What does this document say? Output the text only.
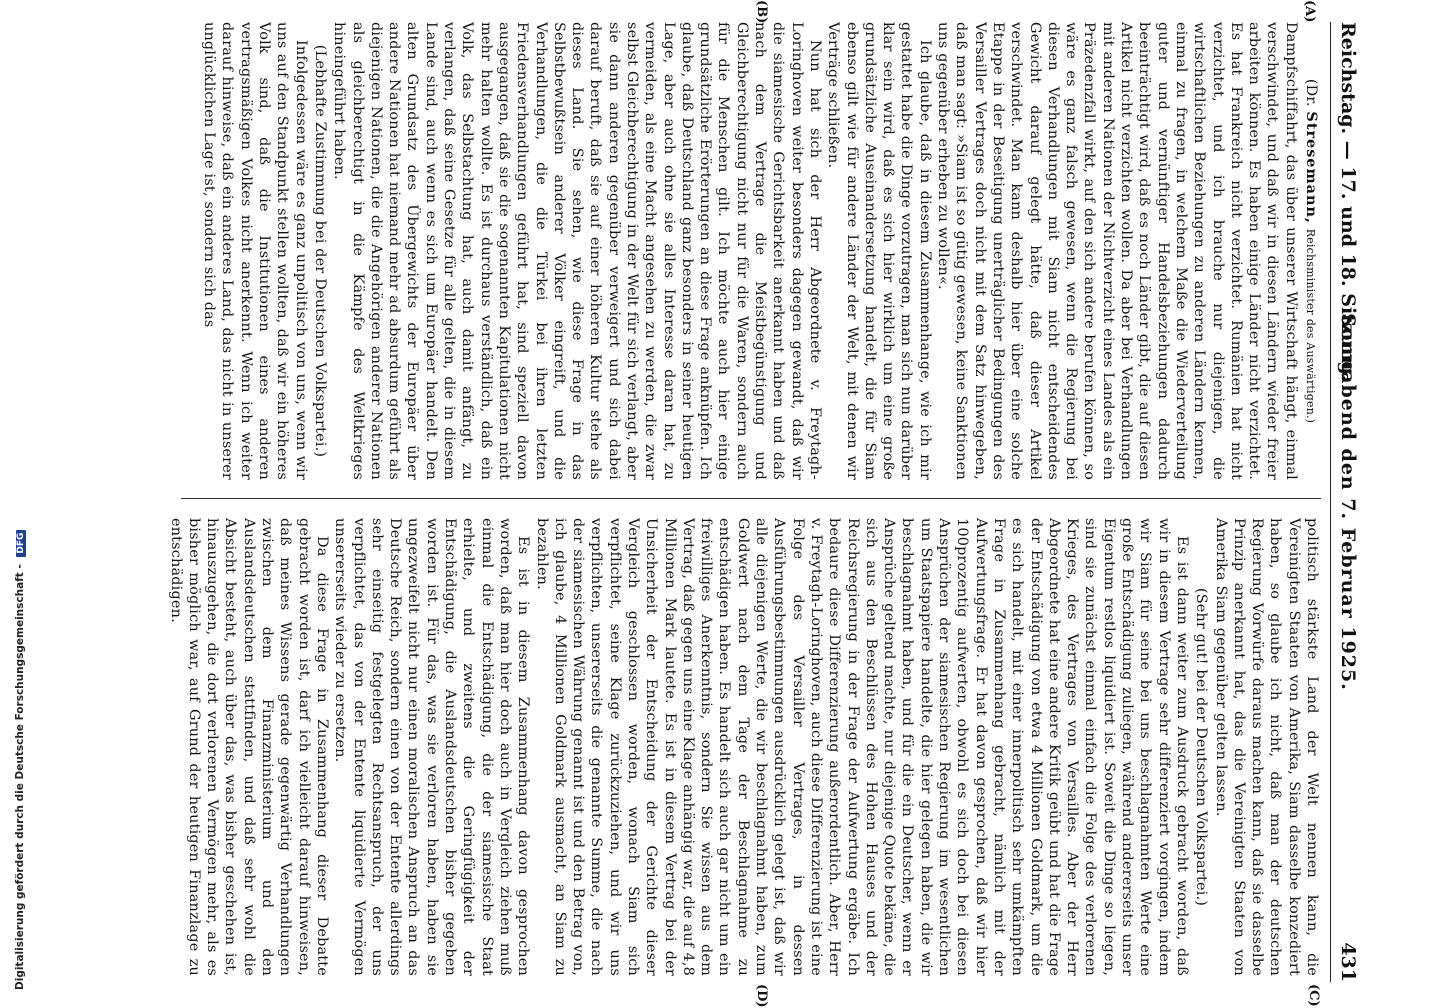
Digitalisierung gefördert durch die Deutsche Forschungsgemeinschaft - DFG
Reichstag. — 17. und 18. Sitzung.
Sonnabend den 7. Februar 1925.
431
(A)
(B)
(C)
(D)

(Dr. Stresemann, Reichsminister des Auswärtigen.)

Dampfschiffahrt, das über unserer Wirtschaft hängt, einmal verschwindet, und daß wir in diesen Ländern wieder freier arbeiten können. Es haben einige Länder nicht verzichtet. Es hat Frankreich nicht verzichtet. Rumänien hat nicht verzichtet, und ich brauche nur diejenigen, die wirtschaftlichen Beziehungen zu anderen Ländern kennen, einmal zu fragen, in welchem Maße die Wiederverteilung guter und vernünftiger Handelsbeziehungen dadurch beeinträchtigt wird, daß es noch Länder gibt, die auf diesen Artikel nicht verzichten wollen. Da aber bei Verhandlungen mit anderen Nationen der Nichtverzicht eines Landes als ein Präzedenzfall wirkt, auf den sich andere berufen können, so wäre es ganz falsch gewesen, wenn die Regierung bei diesen Verhandlungen mit Siam nicht entscheidendes Gewicht darauf gelegt hätte, daß dieser Artikel verschwindet. Man kann deshalb hier über eine solche Etappe in der Beseitigung unerträglicher Bedingungen des Versailler Vertrages doch nicht mit dem Satz hinwegeben, daß man sagt: »Siam ist so gütig gewesen, keine Sanktionen uns gegenüber erheben zu wollen«.

Ich glaube, daß in diesem Zusammenhange, wie ich mir gestattet habe die Dinge vorzutragen, man sich nun darüber klar sein wird, daß es sich hier wirklich um eine große grundsätzliche Auseinandersetzung handelt, die für Siam ebenso gilt wie für andere Länder der Welt, mit denen wir Verträge schließen.

Nun hat sich der Herr Abgeordnete v. Freytagh-Loringhoven weiter besonders dagegen gewandt, daß wir die siamesische Gerichtsbarkeit anerkannt haben und daß nach dem Vertrage die Meistbegünstigung und Gleichberechtigung nicht nur für die Waren, sondern auch für die Menschen gilt. Ich möchte auch hier einige grundsätzliche Erörterungen an diese Frage anknüpfen. Ich glaube, daß Deutschland ganz besonders in seiner heutigen Lage, aber auch ohne sie alles Interesse daran hat, zu vermeiden, als eine Macht angesehen zu werden, die zwar selbst Gleichberechtigung in der Welt für sich verlangt, aber sie dann anderen gegenüber verweigert und sich dabei darauf beruft, daß sie auf einer höheren Kultur stehe als dieses Land. Sie sehen, wie diese Frage in das Selbstbewußtsein anderer Völker eingreift, und die Verhandlungen, die die Türkei bei ihren letzten Friedensverhandlungen geführt hat, sind speziell davon ausgegangen, daß sie die sogenannten Kapitulationen nicht mehr halten wollte. Es ist durchaus verständlich, daß ein Volk, das Selbstachtung hat, auch damit anfängt, zu verlangen, daß seine Gesetze für alle gelten, die in diesem Lande sind, auch wenn es sich um Europäer handelt. Den alten Grundsatz des Übergewichts der Europäer über andere Nationen hat niemand mehr ad absurdum geführt als diejenigen Nationen, die die Angehörigen anderer Nationen als gleichberechtigt in die Kämpfe des Weltkrieges hineingeführt haben.

(Lebhafte Zustimmung bei der Deutschen Volkspartei.)

Infolgedessen wäre es ganz unpolitisch von uns, wenn wir uns auf den Standpunkt stellen wollten, daß wir ein höheres Volk sind, daß die Institutionen eines anderen vertragsmäßigen Volkes nicht anerkennt. Wenn ich weiter darauf hinweise, daß ein anderes Land, das nicht in unserer unglücklichen Lage ist, sondern sich das

politisch stärkste Land der Welt nennen kann, die Vereinigten Staaten von Amerika, Siam dasselbe konzediert haben, so glaube ich nicht, daß man der deutschen Regierung Vorwürfe daraus machen kann, daß sie dasselbe Prinzip anerkannt hat, das die Vereinigten Staaten von Amerika Siam gegenüber gelten lassen.

(Sehr gut! bei der Deutschen Volkspartei.)

Es ist dann weiter zum Ausdruck gebracht worden, daß wir in diesem Vertrage sehr differenziert vorgingen, indem wir Siam für seine bei uns beschlagnahmten Werte eine große Entschädigung zuliegen, während andererseits unser Eigentum restlos liquidiert ist. Soweit die Dinge so liegen, sind sie zunächst einmal einfach die Folge des verlorenen Krieges, des Vertrages von Versailles. Aber der Herr Abgeordnete hat eine andere Kritik geübt und hat die Frage der Entschädigung von etwa 4 Millionen Goldmark, um die es sich handelt, mit einer innerpolitisch sehr umkämpften Frage in Zusammenhang gebracht, nämlich mit der Aufwertungsfrage. Er hat davon gesprochen, daß wir hier 100prozentig aufwerten, obwohl es sich doch bei diesen Ansprüchen der siamesischen Regierung im wesentlichen um Staatspapiere handelte, die hier gelegen haben, die wir beschlagnahmt haben, und für die ein Deutscher, wenn er Ansprüche geltend machte, nur diejenige Quote bekäme, die sich aus den Beschlüssen des Hohen Hauses und der Reichsregierung in der Frage der Aufwertung ergäbe. Ich bedaure diese Differenzierung außerordentlich. Aber, Herr v. Freytagh-Loringhoven, auch diese Differenzierung ist eine Folge des Versailler Vertrages, in dessen Ausführungsbestimmungen ausdrücklich gelegt ist, daß wir alle diejenigen Werte, die wir beschlagnahmt haben, zum Goldwert nach dem Tage der Beschlagnahme zu entschädigen haben. Es handelt sich auch gar nicht um ein freiwilliges Anerkenntnis, sondern Sie wissen aus dem Vertrag, daß gegen uns eine Klage anhängig war, die auf 4,8 Millionen Mark lautete. Es ist in diesem Vertrag bei der Unsicherheit der Entscheidung der Gerichte dieser Vergleich geschlossen worden, wonach Siam sich verpflichtet, seine Klage zurückzuziehen, und wir uns verpflichten, unsererseits die genannte Summe, die nach der siamesischen Währung genannt ist und den Betrag von, ich glaube, 4 Millionen Goldmark ausmacht, an Siam zu bezahlen.

Es ist in diesem Zusammenhang davon gesprochen worden, daß man hier doch auch in Vergleich ziehen muß einmal die Entschädigung, die der siamesische Staat erhielte, und zweitens die Geringfügigkeit der Entschädigung, die Auslandsdeutschen bisher gegeben worden ist. Für das, was sie verloren haben, haben sie ungezweifelt nicht nur einen moralischen Anspruch an das Deutsche Reich, sondern einen von der Entente allerdings sehr einseitig festgelegten Rechtsanspruch, der uns verpflichtet, das von der Entente liquidierte Vermögen unsererseits wieder zu ersetzen.

Da diese Frage in Zusammenhang dieser Debatte gebracht worden ist, darf ich vielleicht darauf hinweisen, daß meines Wissens gerade gegenwärtig Verhandlungen zwischen dem Finanzministerium und den Auslandsdeutschen stattfinden, und daß sehr wohl die Absicht besteht, auch über das, was bisher geschehen ist, hinauszugehen, die dort verlorenen Vermögen mehr, als es bisher möglich war, auf Grund der heutigen Finanzlage zu entschädigen.
